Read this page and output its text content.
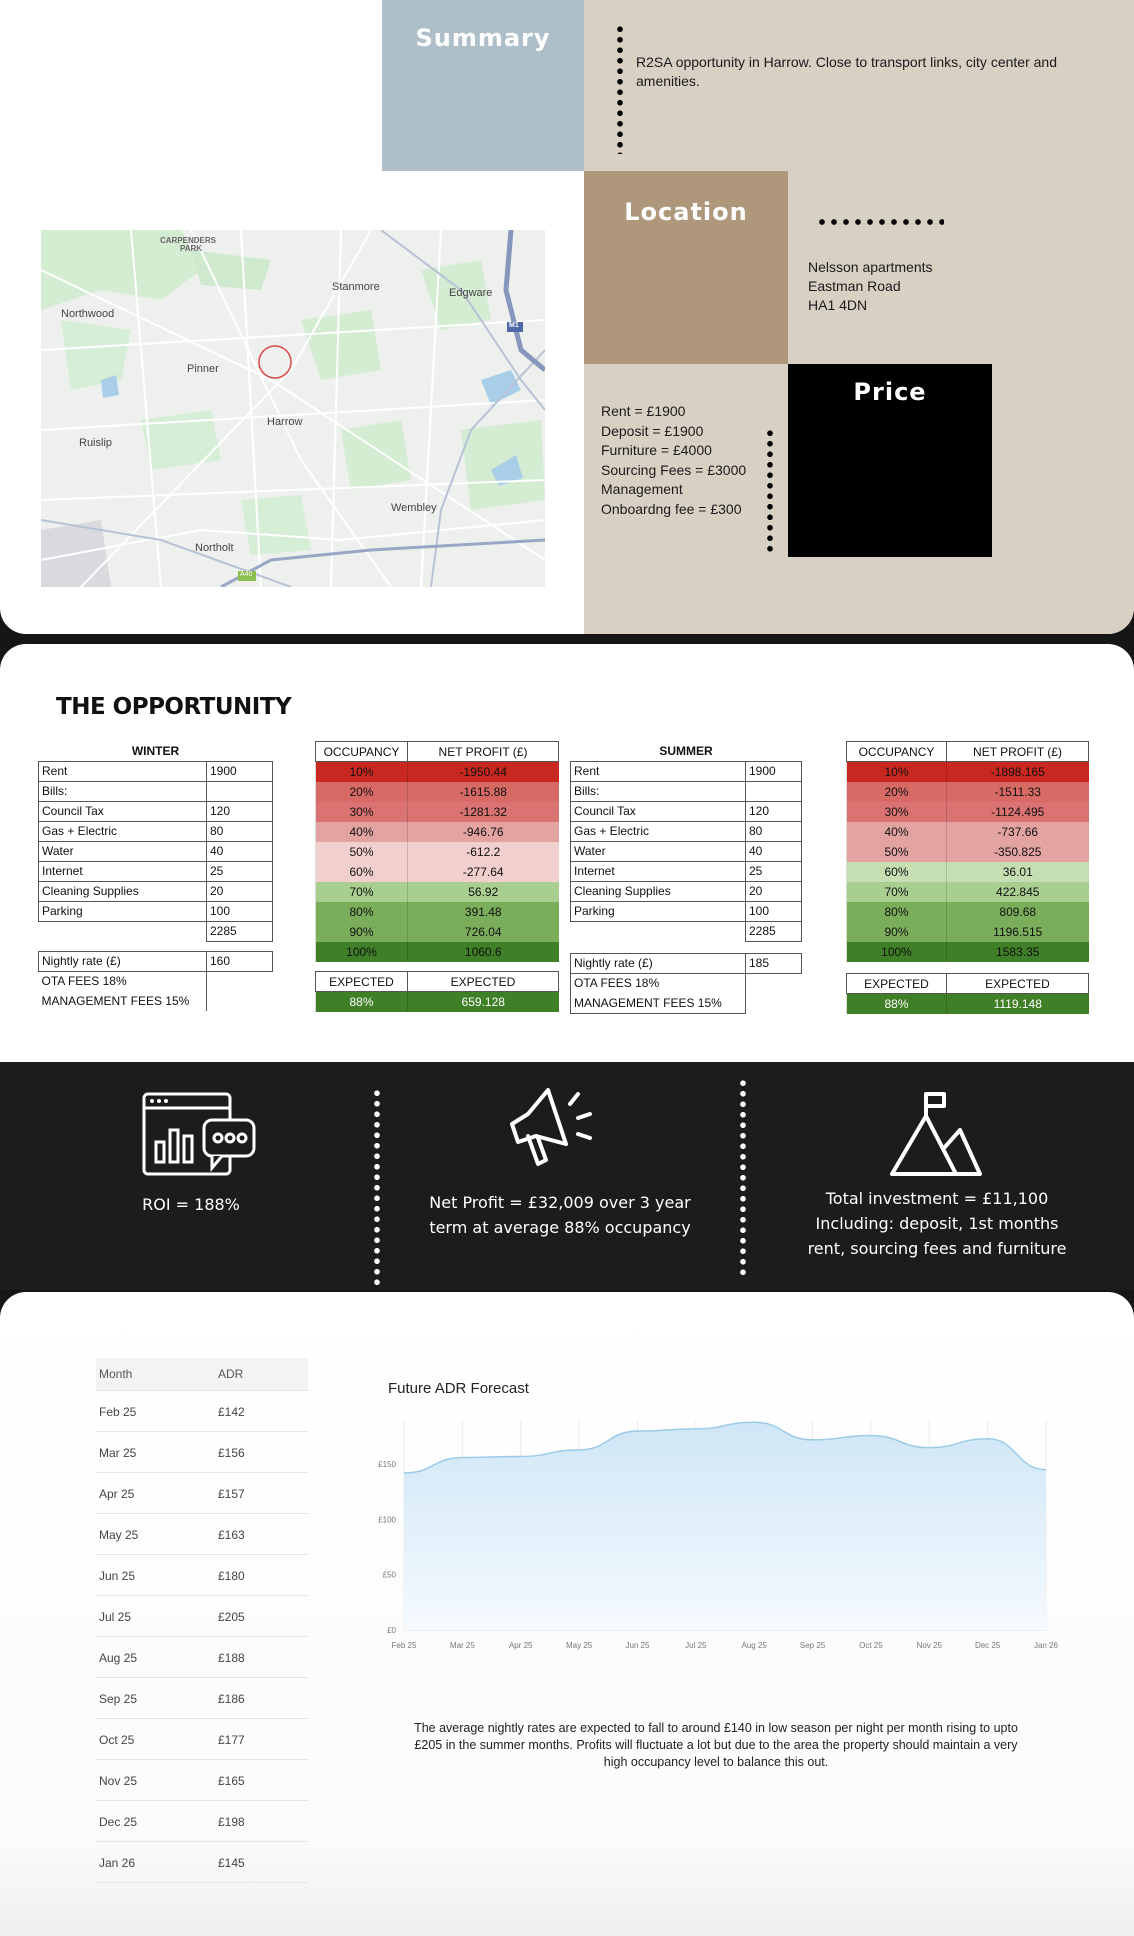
Summary
R2SA opportunity in Harrow. Close to transport links, city center and amenities.
Location
Nelsson apartments
Eastman Road
HA1 4DN
Price
Rent = £1900
Deposit = £1900
Furniture = £4000
Sourcing Fees = £3000
Management
Onboardng fee = £300
CARPENDERS
PARK
Northwood
Stanmore	Edgware
M1
Pinner
Harrow
Ruislip
Wembley
Northolt
A40
THE OPPORTUNITY
WINTER	
Rent	1900
Bills:	
Council Tax	120
Gas + Electric	80
Water	40
Internet	25
Cleaning Supplies	20
Parking	100
	2285

Nightly rate (£)	160
OTA FEES 18%	
MANAGEMENT FEES 15%	
OCCUPANCY	NET PROFIT (£)
10%	-1950.44
20%	-1615.88
30%	-1281.32
40%	-946.76
50%	-612.2
60%	-277.64
70%	56.92
80%	391.48
90%	726.04
100%	1060.6

EXPECTED	EXPECTED
88%	659.128
SUMMER	
Rent	1900
Bills:	
Council Tax	120
Gas + Electric	80
Water	40
Internet	25
Cleaning Supplies	20
Parking	100
	2285

Nightly rate (£)	185
OTA FEES 18%	
MANAGEMENT FEES 15%	
OCCUPANCY	NET PROFIT (£)
10%	-1898.165
20%	-1511.33
30%	-1124.495
40%	-737.66
50%	-350.825
60%	36.01
70%	422.845
80%	809.68
90%	1196.515
100%	1583.35

EXPECTED	EXPECTED
88%	1119.148
ROI = 188%	Net Profit = £32,009 over 3 year
term at average 88% occupancy
Total investment = £11,100
Including: deposit, 1st months
rent, sourcing fees and furniture
Month	ADR
Feb 25	£142
Mar 25	£156
Apr 25	£157
May 25	£163
Jun 25	£180
Jul 25	£205
Aug 25	£188
Sep 25	£186
Oct 25	£177
Nov 25	£165
Dec 25	£198
Jan 26	£145
Future ADR Forecast
£0
£50
£100
£150
Feb 25	Mar 25	Apr 25	May 25	Jun 25	Jul 25	Aug 25	Sep 25	Oct 25	Nov 25	Dec 25	Jan 26
The average nightly rates are expected to fall to around £140 in low season per night per month rising to upto
£205 in the summer months. Profits will fluctuate a lot but due to the area the property should maintain a very
high occupancy level to balance this out.
